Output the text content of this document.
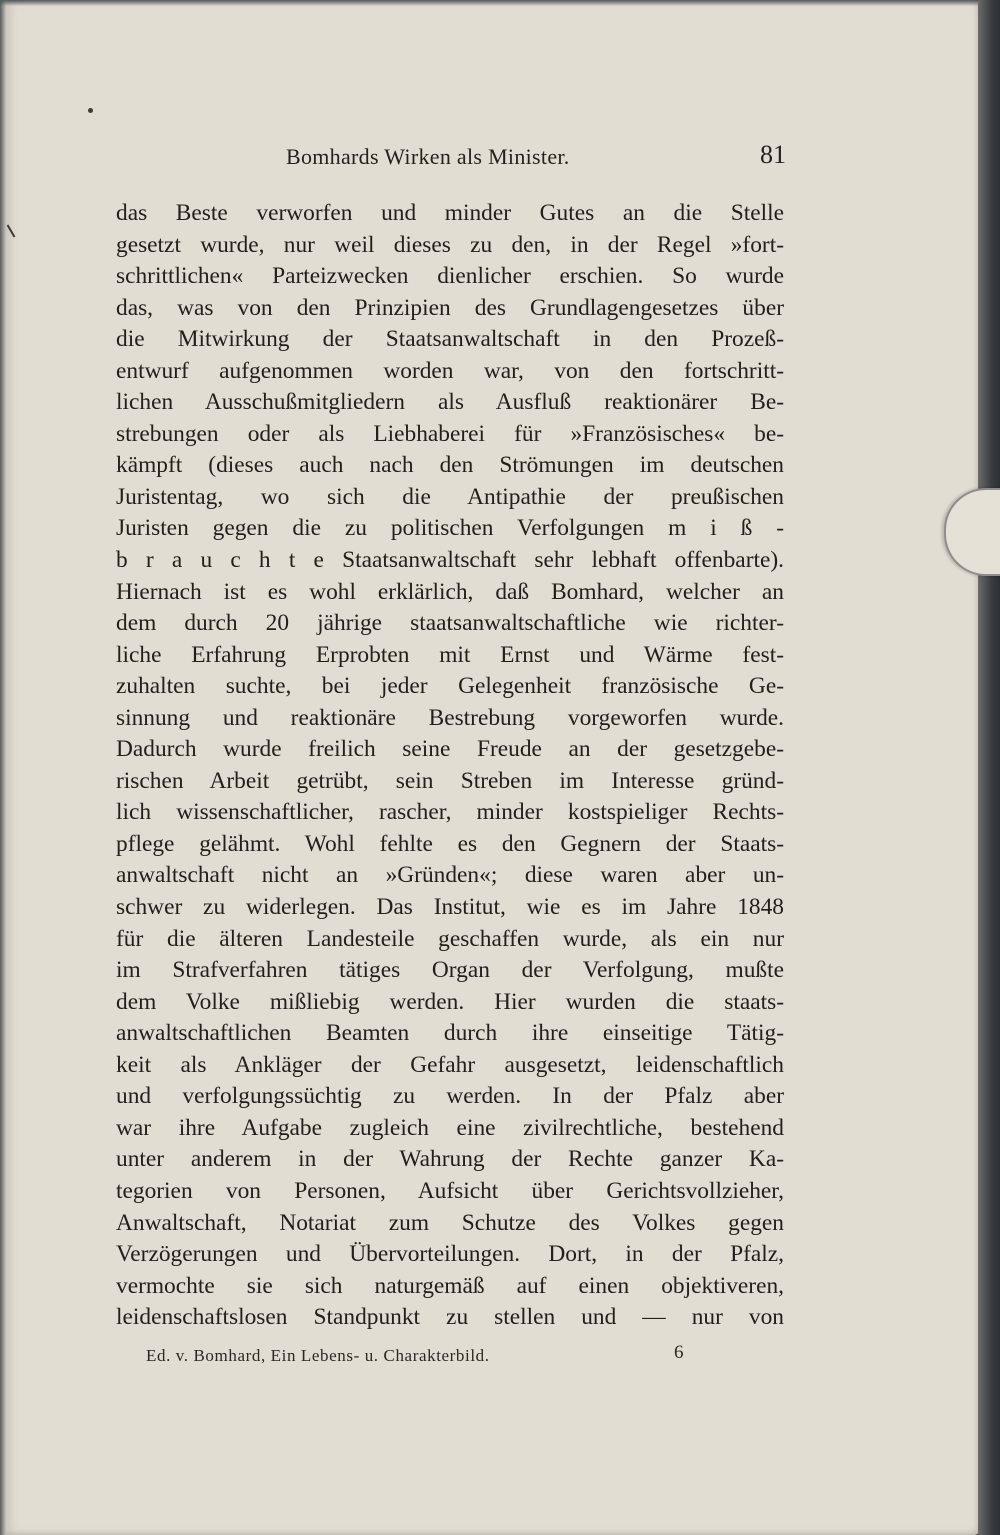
Bomhards Wirken als Minister.	81
das Beste verworfen und minder Gutes an die Stelle
gesetzt wurde, nur weil dieses zu den, in der Regel »fort-
schrittlichen« Parteizwecken dienlicher erschien. So wurde
das, was von den Prinzipien des Grundlagengesetzes über
die Mitwirkung der Staatsanwaltschaft in den Prozeß-
entwurf aufgenommen worden war, von den fortschritt-
lichen Ausschußmitgliedern als Ausfluß reaktionärer Be-
strebungen oder als Liebhaberei für »Französisches« be-
kämpft (dieses auch nach den Strömungen im deutschen
Juristentag, wo sich die Antipathie der preußischen
Juristen gegen die zu politischen Verfolgungen m i ß -
b r a u c h t e Staatsanwaltschaft sehr lebhaft offenbarte).
Hiernach ist es wohl erklärlich, daß Bomhard, welcher an
dem durch 20 jährige staatsanwaltschaftliche wie richter-
liche Erfahrung Erprobten mit Ernst und Wärme fest-
zuhalten suchte, bei jeder Gelegenheit französische Ge-
sinnung und reaktionäre Bestrebung vorgeworfen wurde.
Dadurch wurde freilich seine Freude an der gesetzgebe-
rischen Arbeit getrübt, sein Streben im Interesse gründ-
lich wissenschaftlicher, rascher, minder kostspieliger Rechts-
pflege gelähmt. Wohl fehlte es den Gegnern der Staats-
anwaltschaft nicht an »Gründen«; diese waren aber un-
schwer zu widerlegen. Das Institut, wie es im Jahre 1848
für die älteren Landesteile geschaffen wurde, als ein nur
im Strafverfahren tätiges Organ der Verfolgung, mußte
dem Volke mißliebig werden. Hier wurden die staats-
anwaltschaftlichen Beamten durch ihre einseitige Tätig-
keit als Ankläger der Gefahr ausgesetzt, leidenschaftlich
und verfolgungssüchtig zu werden. In der Pfalz aber
war ihre Aufgabe zugleich eine zivilrechtliche, bestehend
unter anderem in der Wahrung der Rechte ganzer Ka-
tegorien von Personen, Aufsicht über Gerichtsvollzieher,
Anwaltschaft, Notariat zum Schutze des Volkes gegen
Verzögerungen und Übervorteilungen. Dort, in der Pfalz,
vermochte sie sich naturgemäß auf einen objektiveren,
leidenschaftslosen Standpunkt zu stellen und — nur von
Ed. v. Bomhard, Ein Lebens- u. Charakterbild.	6
